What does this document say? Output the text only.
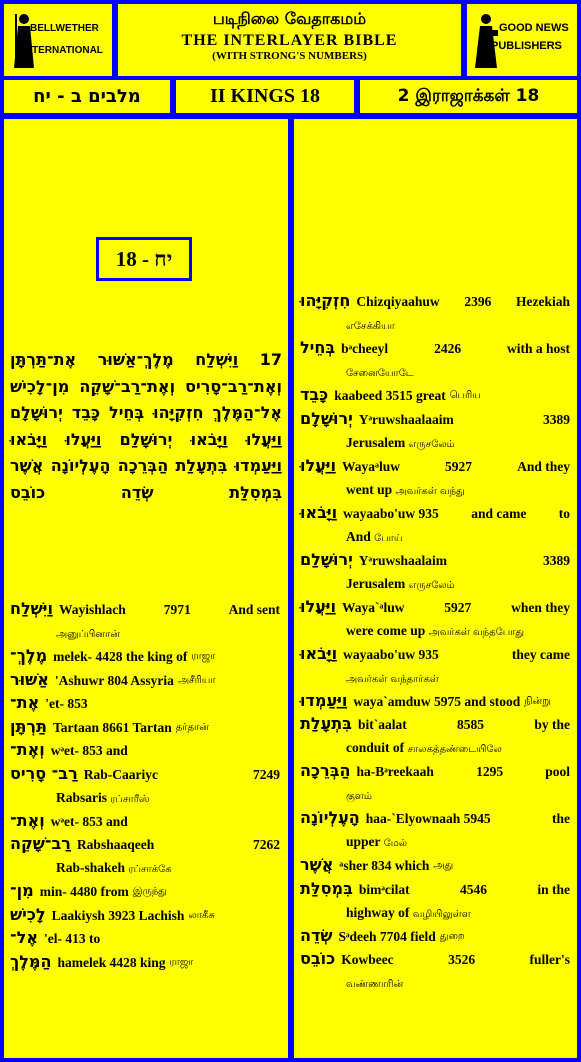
BELLWETHER
INTERNATIONAL
படிநிலை வேதாகமம்
THE INTERLAYER BIBLE
(WITH STRONG'S NUMBERS)
GOOD NEWS
PUBLISHERS
מלבים ב - יח	II KINGS 18	2 இராஜாக்கள் 18
יח - 18
17 וַיִּשְׁלַח מֶלֶךְ־אַשּׁוּר אֶת־תַּרְתָּן וְאֶת־רַב־סָרִיס וְאֶת־רַב־שָׁקֵה מִן־לָכִישׁ אֶל־הַמֶּלֶךְ חִזְקִיָּהוּ בְּחֵיל כָּבֵד יְרוּשָׁלִָם וַיַּעֲלוּ וַיָּבֹאוּ יְרוּשָׁלִַם וַיַּעֲלוּ וַיָּבֹאוּ וַיַּעַמְדוּ בִּתְעָלַת הַבְּרֵכָה הָעֶלְיוֹנָה אֲשֶׁר בִּמְסִלַּת שְׂדֵה כוֹבֵס
וַיִּשְׁלַח Wayishlach	7971	And sent
அனுப்பினான்
מֶלֶךְ־ melek- 4428 the king of ராஜா
אַשּׁוּר 'Ashuwr 804 Assyria அசீரியா
אֶת־ 'et- 853
תַּרְתָּן Tartaan 8661 Tartan தர்தான்
וְאֶת־ wᵊet- 853 and
רַב־ סָרִיס Rab-Caariyc	7249
Rabsaris ரப்சாரீஸ்
וְאֶת־ wᵊet- 853 and
רַב־שָׁקֵה Rabshaaqeeh	7262
Rab-shakeh ரப்சாக்கே
מִן־ min- 4480 from இருந்து
לָכִישׁ Laakiysh 3923 Lachish லாகீசு
אֶל־ 'el- 413 to
הַמֶּלֶךְ hamelek 4428 king ராஜா
חִזְקִיָּהוּ Chizqiyaahuw 2396 Hezekiah
எசேக்கியா
בְּחֵיל bᵊcheeyl	2426	with a host
சேனையோடே
כָּבֵד kaabeed 3515 great பெரிய
יְרוּשָׁלִָם Yᵊruwshaalaaim	3389
Jerusalem எருசலேம்
וַיַּעֲלוּ Wayaᵃluw	5927	And they
went up அவர்கள் வந்து
וַיָּבֹאוּ wayaabo'uw 935 and came to
And போய்
יְרוּשָׁלִַם Yᵊruwshaalaim	3389
Jerusalem எருசலேம்
וַיַּעֲלוּ Waya`ᵃluw	5927	when they
were come up அவர்கள் வந்தபோது
וַיָּבֹאוּ wayaabo'uw 935	they came
அவர்கள் வந்தார்கள்
וַיַּעַמְדוּ waya`amduw 5975 and stood நின்று
בִּתְעָלַת bit`aalat	8585	by the
conduit of சாலகத்தண்டையிலே
הַבְּרֵכָה ha-Bᵊreekaah	1295	pool
குளம்
הָעֶלְיוֹנָה haa-`Elyownaah 5945	the
upper மேல்
אֲשֶׁר ᵃsher 834 which அது
בִּמְסִלַּת bimᵊcilat	4546	in the
highway of வழியிலுள்ள
שְׂדֵה Sᵊdeeh 7704 field துறை
כוֹבֵס Kowbeec	3526	fuller's
வண்ணாரின்
